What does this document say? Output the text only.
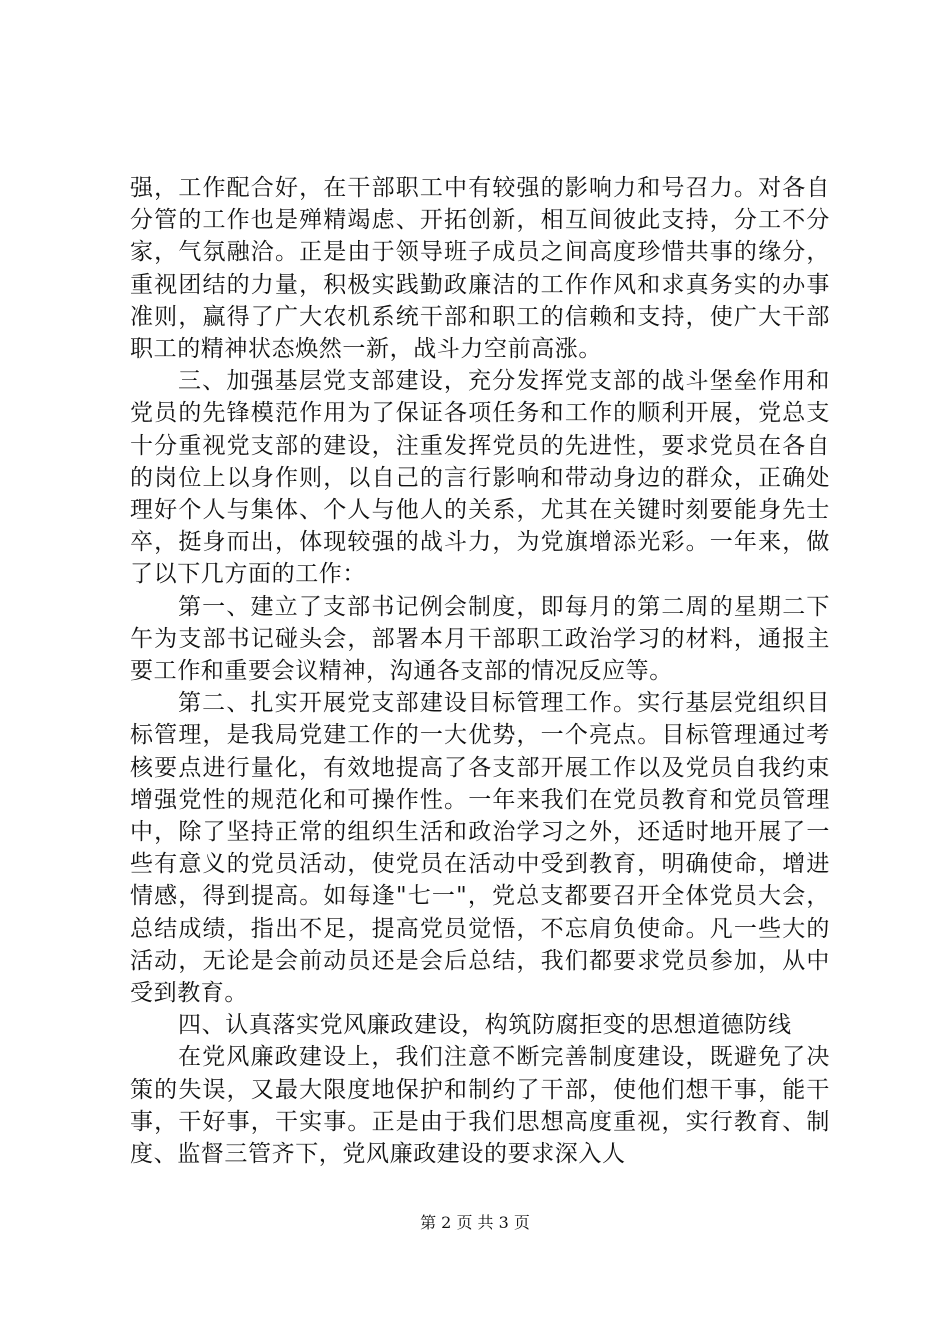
强，工作配合好，在干部职工中有较强的影响力和号召力。对各自分管的工作也是殚精竭虑、开拓创新，相互间彼此支持，分工不分家，气氛融洽。正是由于领导班子成员之间高度珍惜共事的缘分，重视团结的力量，积极实践勤政廉洁的工作作风和求真务实的办事准则，赢得了广大农机系统干部和职工的信赖和支持，使广大干部职工的精神状态焕然一新，战斗力空前高涨。

三、加强基层党支部建设，充分发挥党支部的战斗堡垒作用和党员的先锋模范作用为了保证各项任务和工作的顺利开展，党总支十分重视党支部的建设，注重发挥党员的先进性，要求党员在各自的岗位上以身作则，以自己的言行影响和带动身边的群众，正确处理好个人与集体、个人与他人的关系，尤其在关键时刻要能身先士卒，挺身而出，体现较强的战斗力，为党旗增添光彩。一年来，做了以下几方面的工作：

第一、建立了支部书记例会制度，即每月的第二周的星期二下午为支部书记碰头会，部署本月干部职工政治学习的材料，通报主要工作和重要会议精神，沟通各支部的情况反应等。

第二、扎实开展党支部建设目标管理工作。实行基层党组织目标管理，是我局党建工作的一大优势，一个亮点。目标管理通过考核要点进行量化，有效地提高了各支部开展工作以及党员自我约束增强党性的规范化和可操作性。一年来我们在党员教育和党员管理中，除了坚持正常的组织生活和政治学习之外，还适时地开展了一些有意义的党员活动，使党员在活动中受到教育，明确使命，增进情感，得到提高。如每逢"七一"，党总支都要召开全体党员大会，总结成绩，指出不足，提高党员觉悟，不忘肩负使命。凡一些大的活动，无论是会前动员还是会后总结，我们都要求党员参加，从中受到教育。

四、认真落实党风廉政建设，构筑防腐拒变的思想道德防线

在党风廉政建设上，我们注意不断完善制度建设，既避免了决策的失误，又最大限度地保护和制约了干部，使他们想干事，能干事，干好事，干实事。正是由于我们思想高度重视，实行教育、制度、监督三管齐下，党风廉政建设的要求深入人

第 2 页 共 3 页
